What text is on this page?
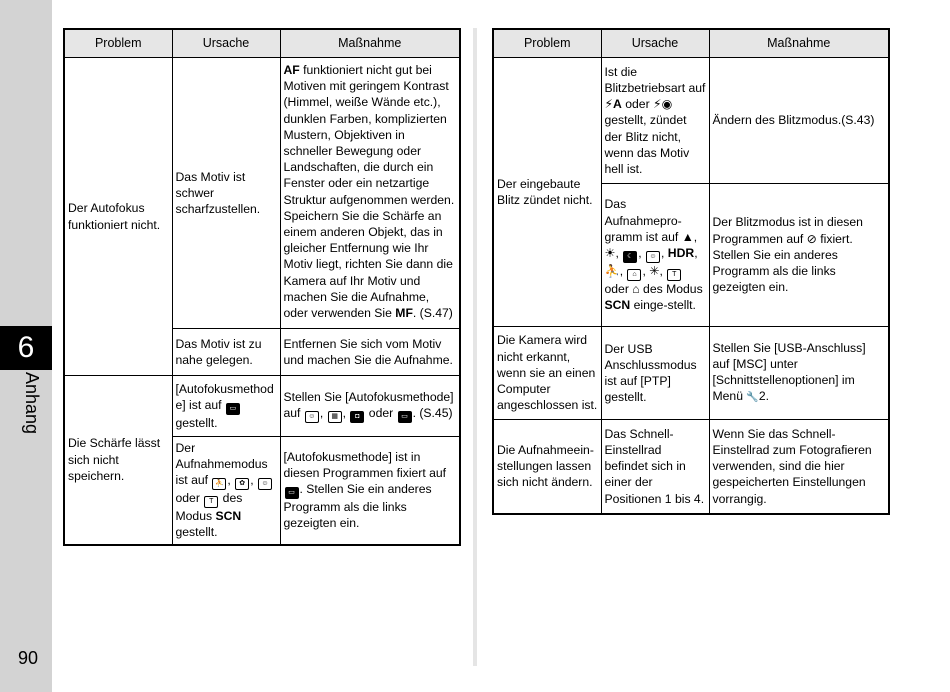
6
Anhang
90
Problem	Ursache	Maßnahme
Der Autofokus funktioniert nicht.	Das Motiv ist schwer scharfzustellen.	AF funktioniert nicht gut bei Motiven mit geringem Kontrast (Himmel, weiße Wände etc.), dunklen Farben, komplizierten Mustern, Objektiven in schneller Bewegung oder Landschaften, die durch ein Fenster oder ein netzartige Struktur aufgenommen werden. Speichern Sie die Schärfe an einem anderen Objekt, das in gleicher Entfernung wie Ihr Motiv liegt, richten Sie dann die Kamera auf Ihr Motiv und machen Sie die Aufnahme, oder verwenden Sie MF. (S.47)
	Das Motiv ist zu nahe gelegen.	Entfernen Sie sich vom Motiv und machen Sie die Aufnahme.
Die Schärfe lässt sich nicht speichern.	[Autofokusmethode] ist auf ▭ gestellt.	Stellen Sie [Autofokusmethode] auf ☺ , ▦ , ◘ oder ▭ . (S.45)
	Der Aufnahmemodus ist auf ⛹ , ✿ , ☺ oder T des Modus SCN gestellt.	[Autofokusmethode] ist in diesen Programmen fixiert auf ▭ . Stellen Sie ein anderes Programm als die links gezeigten ein.
Problem	Ursache	Maßnahme
Der eingebaute Blitz zündet nicht.	Ist die Blitzbetriebsart auf ⚡A oder ⚡◉ gestellt, zündet der Blitz nicht, wenn das Motiv hell ist.	Ändern des Blitzmodus.(S.43)
	Das Aufnahmepro-gramm ist auf ▲, ☀, ☾ , ☺ , HDR, ⛹, ⌂ , ✳, T oder ⌂ des Modus SCN einge-stellt.	Der Blitzmodus ist in diesen Programmen auf ⊘ fixiert. Stellen Sie ein anderes Programm als die links gezeigten ein.
Die Kamera wird nicht erkannt, wenn sie an einen Computer angeschlossen ist.	Der USB Anschlussmodus ist auf [PTP] gestellt.	Stellen Sie [USB-Anschluss] auf [MSC] unter [Schnittstellenoptionen] im Menü 🔧2.
Die Aufnahmeein-stellungen lassen sich nicht ändern.	Das Schnell-Einstellrad befindet sich in einer der Positionen 1 bis 4.	Wenn Sie das Schnell-Einstellrad zum Fotografieren verwenden, sind die hier gespeicherten Einstellungen vorrangig.
